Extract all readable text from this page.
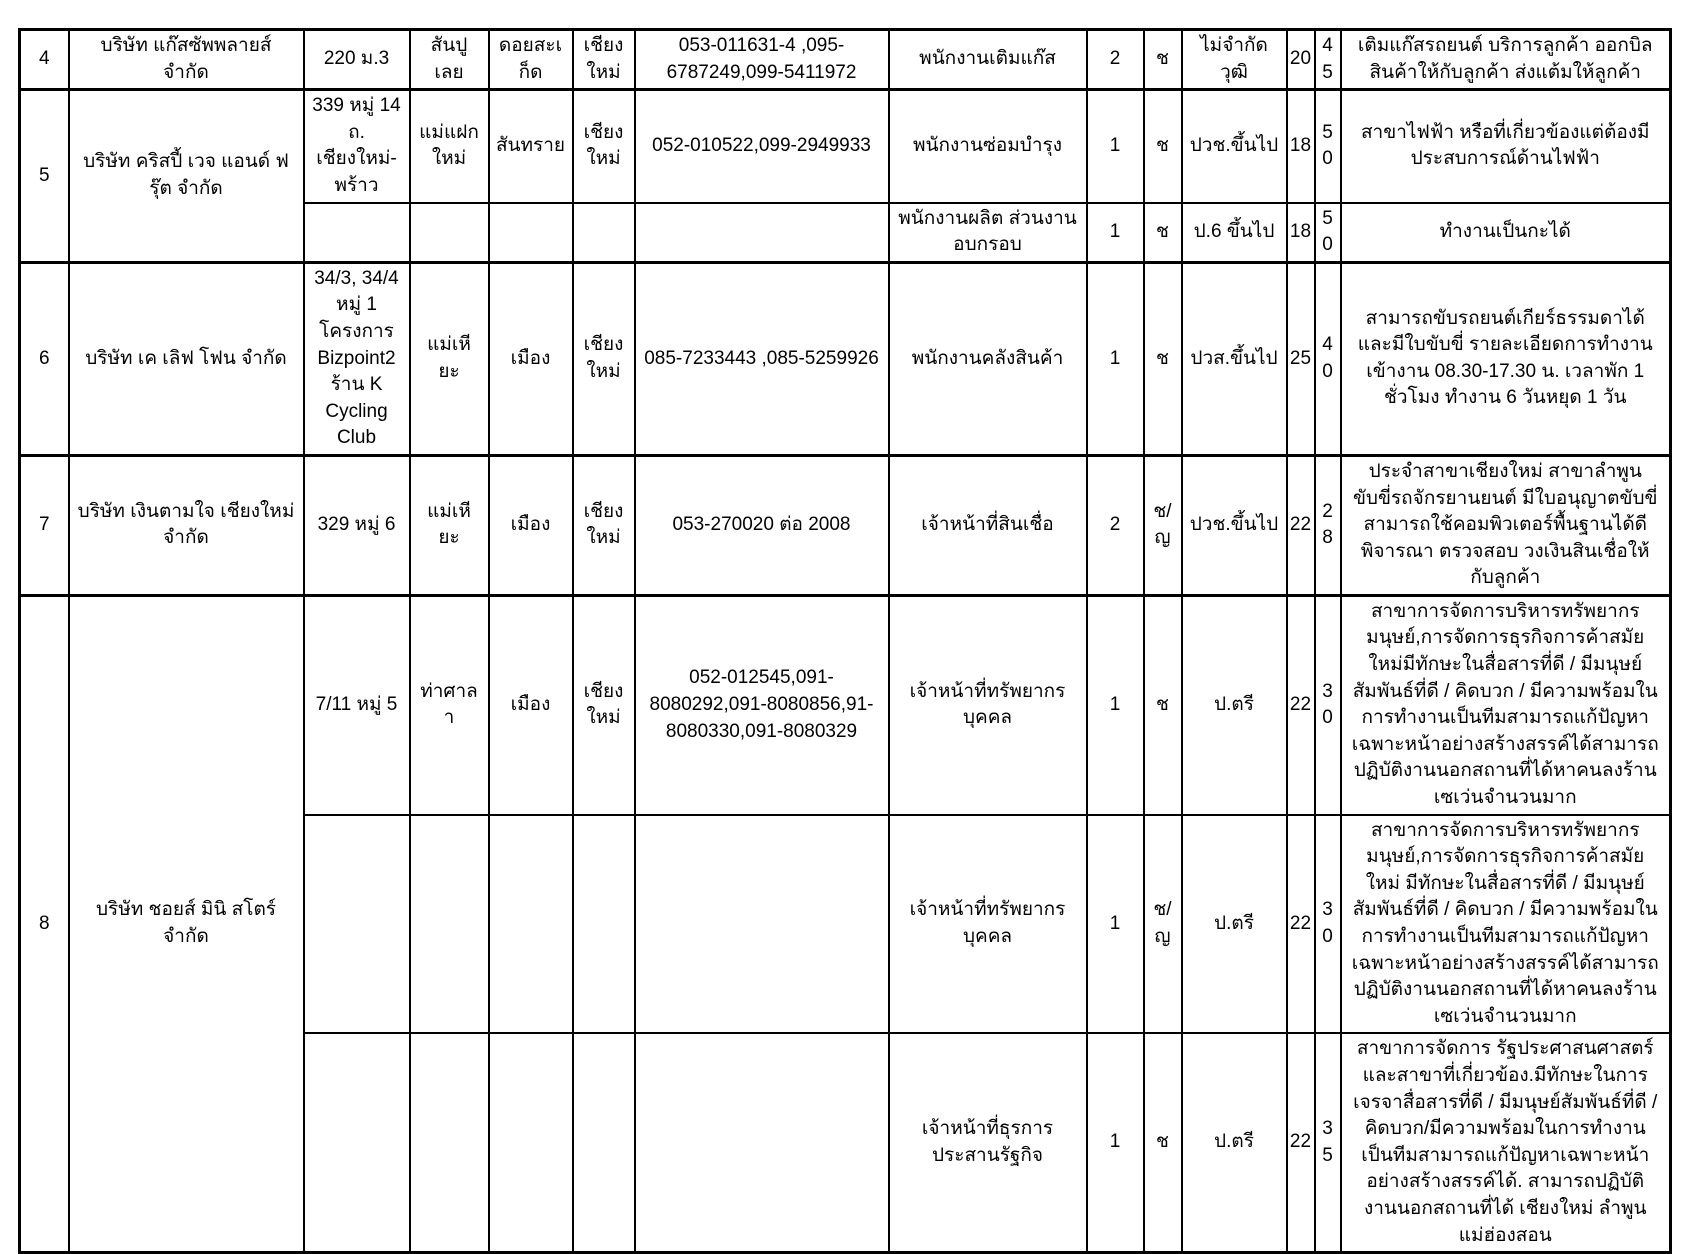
4	บริษัท แก๊สซัพพลายส์ จำกัด	220 ม.3	สันปูเลย	ดอยสะเก็ด	เชียงใหม่	053-011631-4 ,095-6787249,099-5411972	พนักงานเติมแก๊ส	2	ช	ไม่จำกัดวุฒิ	20	45	เติมแก๊สรถยนต์ บริการลูกค้า ออกบิลสินค้าให้กับลูกค้า ส่งแต้มให้ลูกค้า
5	บริษัท คริสปี้ เวจ แอนด์ ฟรุ๊ต จำกัด	339 หมู่ 14 ถ. เชียงใหม่-พร้าว	แม่แฝกใหม่	สันทราย	เชียงใหม่	052-010522,099-2949933	พนักงานซ่อมบำรุง	1	ช	ปวช.ขึ้นไป	18	50	สาขาไฟฟ้า หรือที่เกี่ยวข้องแต่ต้องมีประสบการณ์ด้านไฟฟ้า
							พนักงานผลิต ส่วนงานอบกรอบ	1	ช	ป.6 ขึ้นไป	18	50	ทำงานเป็นกะได้
6	บริษัท เค เลิฟ โฟน จำกัด	34/3, 34/4 หมู่ 1 โครงการ Bizpoint2 ร้าน K Cycling Club	แม่เหียะ	เมือง	เชียงใหม่	085-7233443 ,085-5259926	พนักงานคลังสินค้า	1	ช	ปวส.ขึ้นไป	25	40	สามารถขับรถยนต์เกียร์ธรรมดาได้และมีใบขับขี่ รายละเอียดการทำงาน เข้างาน 08.30-17.30 น. เวลาพัก 1 ชั่วโมง ทำงาน 6 วันหยุด 1 วัน
7	บริษัท เงินตามใจ เชียงใหม่ จำกัด	329 หมู่ 6	แม่เหียะ	เมือง	เชียงใหม่	053-270020 ต่อ 2008	เจ้าหน้าที่สินเชื่อ	2	ช/ญ	ปวช.ขึ้นไป	22	28	ประจำสาขาเชียงใหม่ สาขาลำพูน ขับขี่รถจักรยานยนต์ มีใบอนุญาตขับขี่ สามารถใช้คอมพิวเตอร์พื้นฐานได้ดี พิจารณา ตรวจสอบ วงเงินสินเชื่อให้กับลูกค้า
8	บริษัท ชอยส์ มินิ สโตร์ จำกัด	7/11 หมู่ 5	ท่าศาลา	เมือง	เชียงใหม่	052-012545,091-8080292,091-8080856,91-8080330,091-8080329	เจ้าหน้าที่ทรัพยากรบุคคล	1	ช	ป.ตรี	22	30	สาขาการจัดการบริหารทรัพยากรมนุษย์,การจัดการธุรกิจการค้าสมัยใหม่มีทักษะในสื่อสารที่ดี / มีมนุษย์สัมพันธ์ที่ดี / คิดบวก / มีความพร้อมในการทำงานเป็นทีมสามารถแก้ปัญหาเฉพาะหน้าอย่างสร้างสรรค์ได้สามารถปฏิบัติงานนอกสถานที่ได้หาคนลงร้านเซเว่นจำนวนมาก
							เจ้าหน้าที่ทรัพยากรบุคคล	1	ช/ญ	ป.ตรี	22	30	สาขาการจัดการบริหารทรัพยากรมนุษย์,การจัดการธุรกิจการค้าสมัยใหม่ มีทักษะในสื่อสารที่ดี / มีมนุษย์สัมพันธ์ที่ดี / คิดบวก / มีความพร้อมในการทำงานเป็นทีมสามารถแก้ปัญหาเฉพาะหน้าอย่างสร้างสรรค์ได้สามารถปฏิบัติงานนอกสถานที่ได้หาคนลงร้านเซเว่นจำนวนมาก
							เจ้าหน้าที่ธุรการประสานรัฐกิจ	1	ช	ป.ตรี	22	35	สาขาการจัดการ รัฐประศาสนศาสตร์และสาขาที่เกี่ยวข้อง.มีทักษะในการเจรจาสื่อสารที่ดี / มีมนุษย์สัมพันธ์ที่ดี /คิดบวก/มีความพร้อมในการทำงานเป็นทีมสามารถแก้ปัญหาเฉพาะหน้าอย่างสร้างสรรค์ได้. สามารถปฏิบัติงานนอกสถานที่ได้ เชียงใหม่ ลำพูน แม่ฮ่องสอน
